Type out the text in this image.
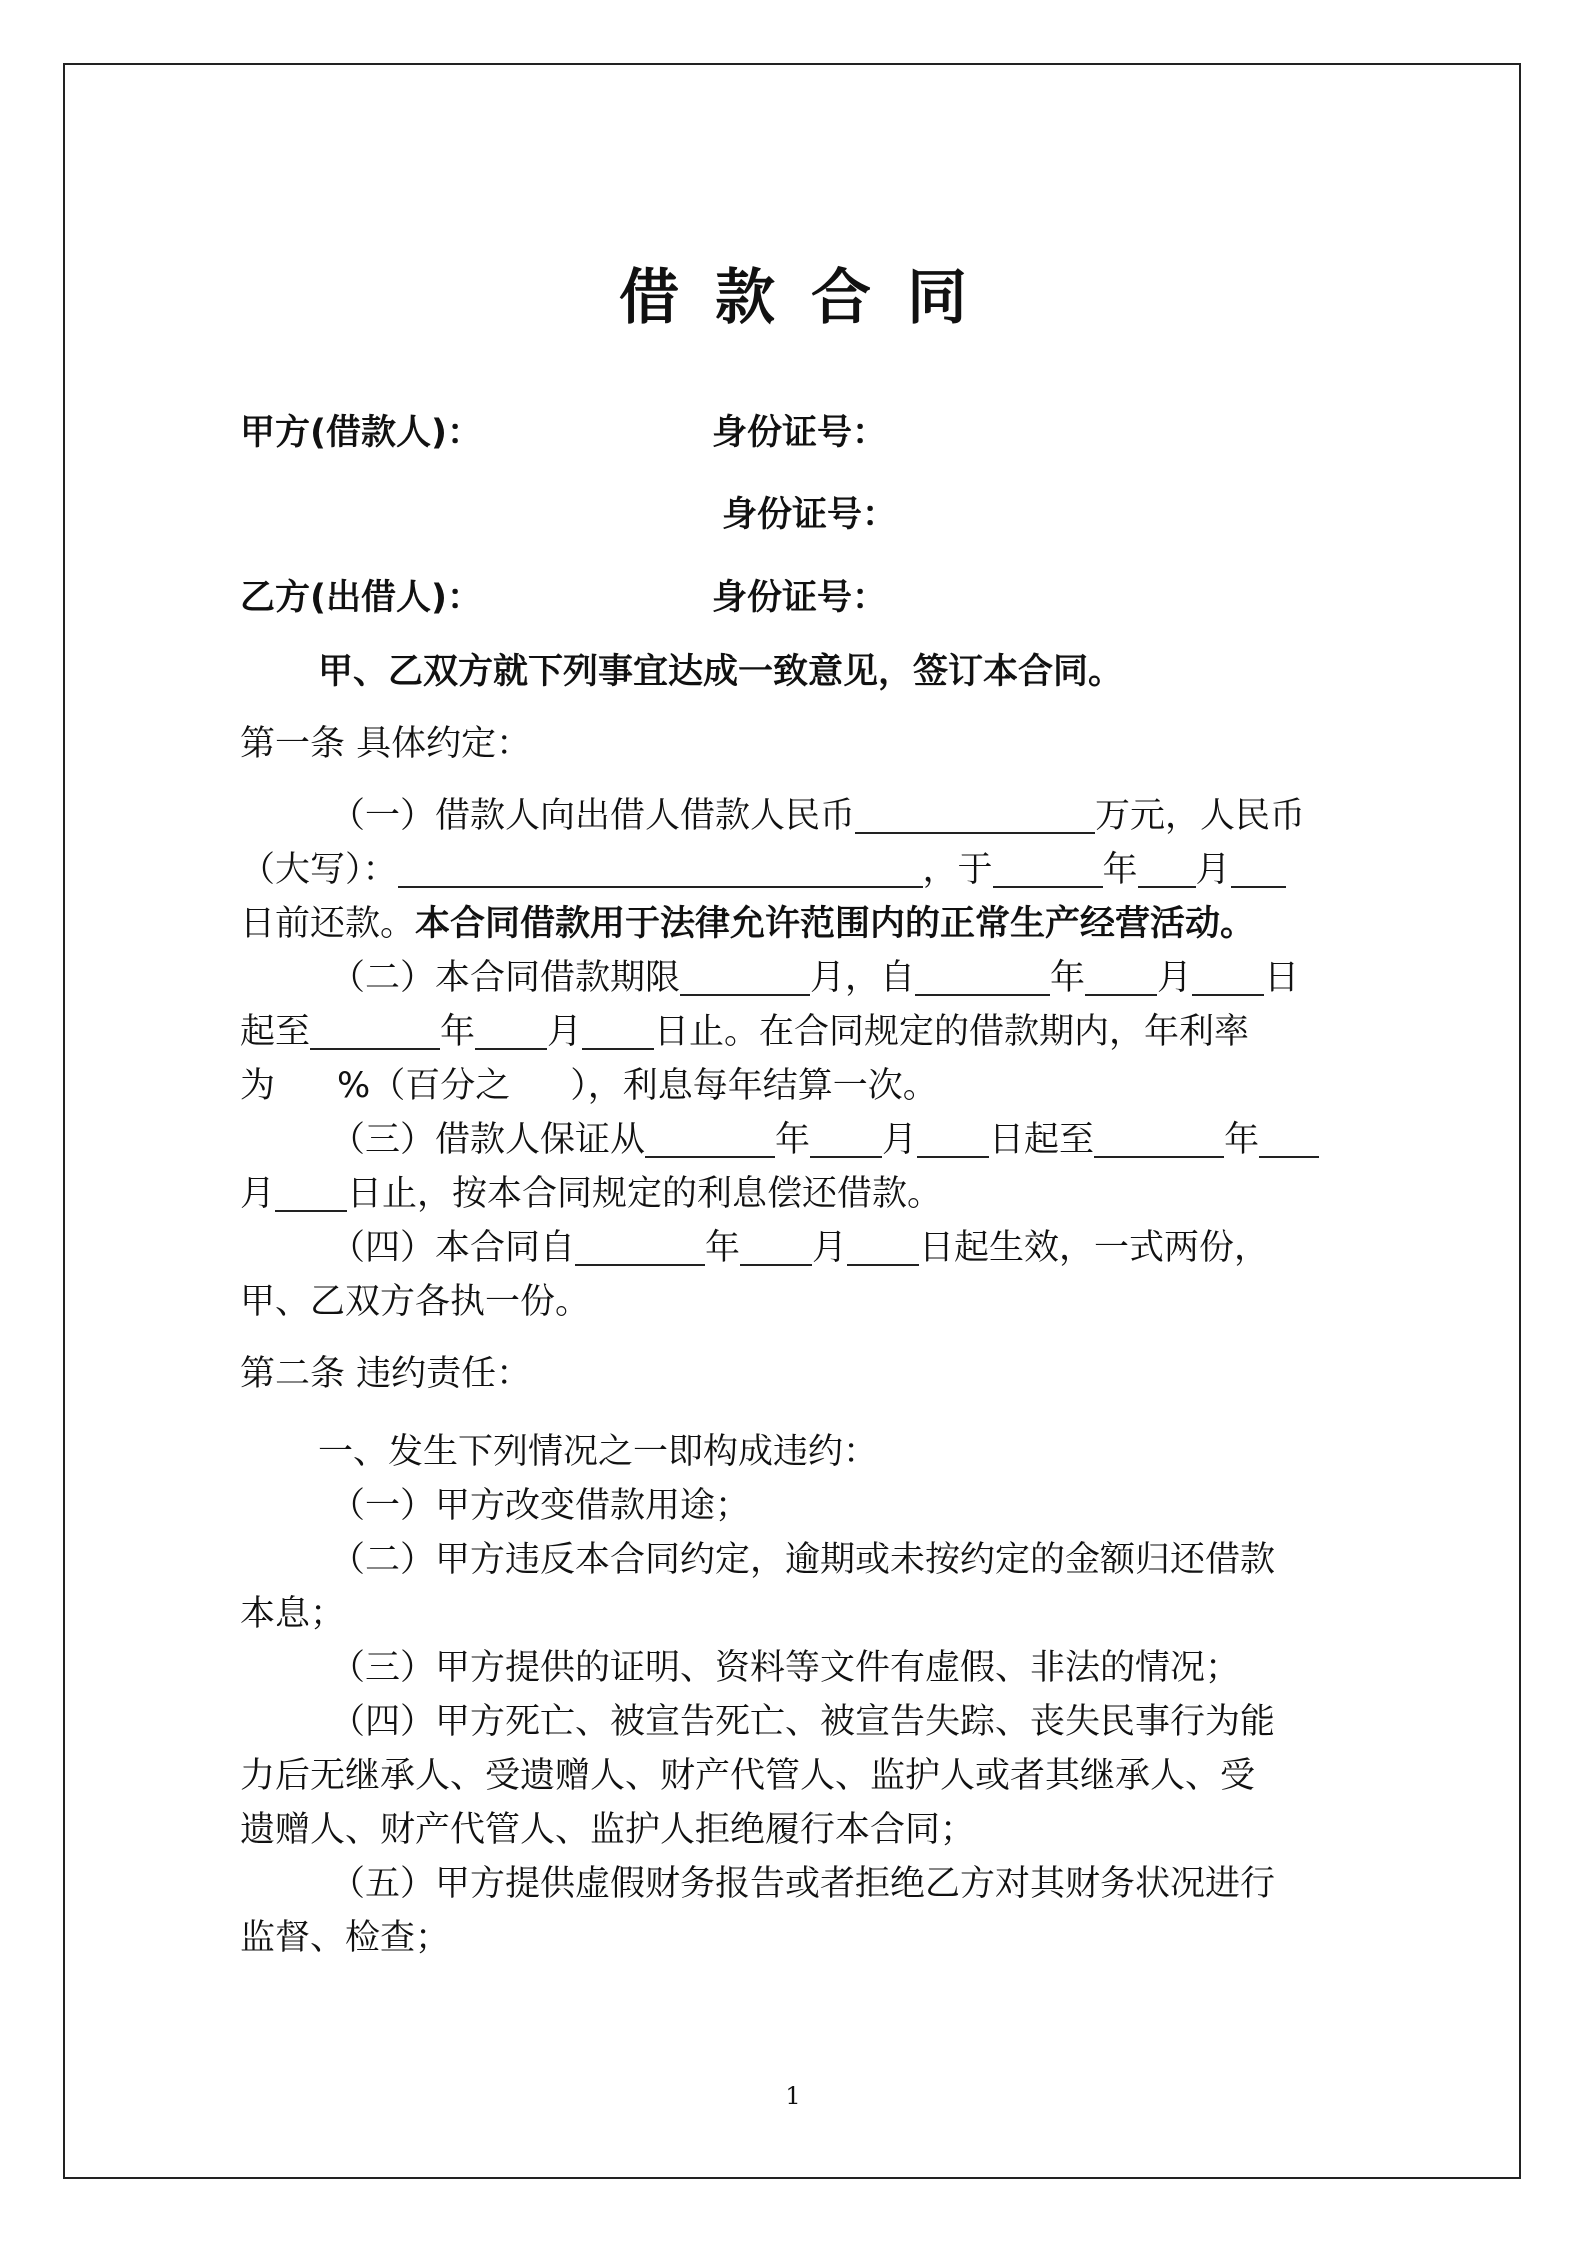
借款合同
甲方(借款人)：	身份证号：
身份证号：
乙方(出借人)：	身份证号：
甲、乙双方就下列事宜达成一致意见，签订本合同。
第一条 具体约定：
（一）借款人向出借人借款人民币	万元，人民币
（大写）：	，于	年 月
日前还款。本合同借款用于法律允许范围内的正常生产经营活动。
（二）本合同借款期限	月，自	年 月 日
起至	年 月 日止。在合同规定的借款期内，年利率
为 %（百分之 ），利息每年结算一次。
（三）借款人保证从	年 月 日起至	年
月 日止，按本合同规定的利息偿还借款。
（四）本合同自	年 月 日起生效，一式两份，
甲、乙双方各执一份。
第二条 违约责任：
一、发生下列情况之一即构成违约：
（一）甲方改变借款用途；
（二）甲方违反本合同约定，逾期或未按约定的金额归还借款
本息；
（三）甲方提供的证明、资料等文件有虚假、非法的情况；
（四）甲方死亡、被宣告死亡、被宣告失踪、丧失民事行为能
力后无继承人、受遗赠人、财产代管人、监护人或者其继承人、受
遗赠人、财产代管人、监护人拒绝履行本合同；
（五）甲方提供虚假财务报告或者拒绝乙方对其财务状况进行
监督、检查；
1
